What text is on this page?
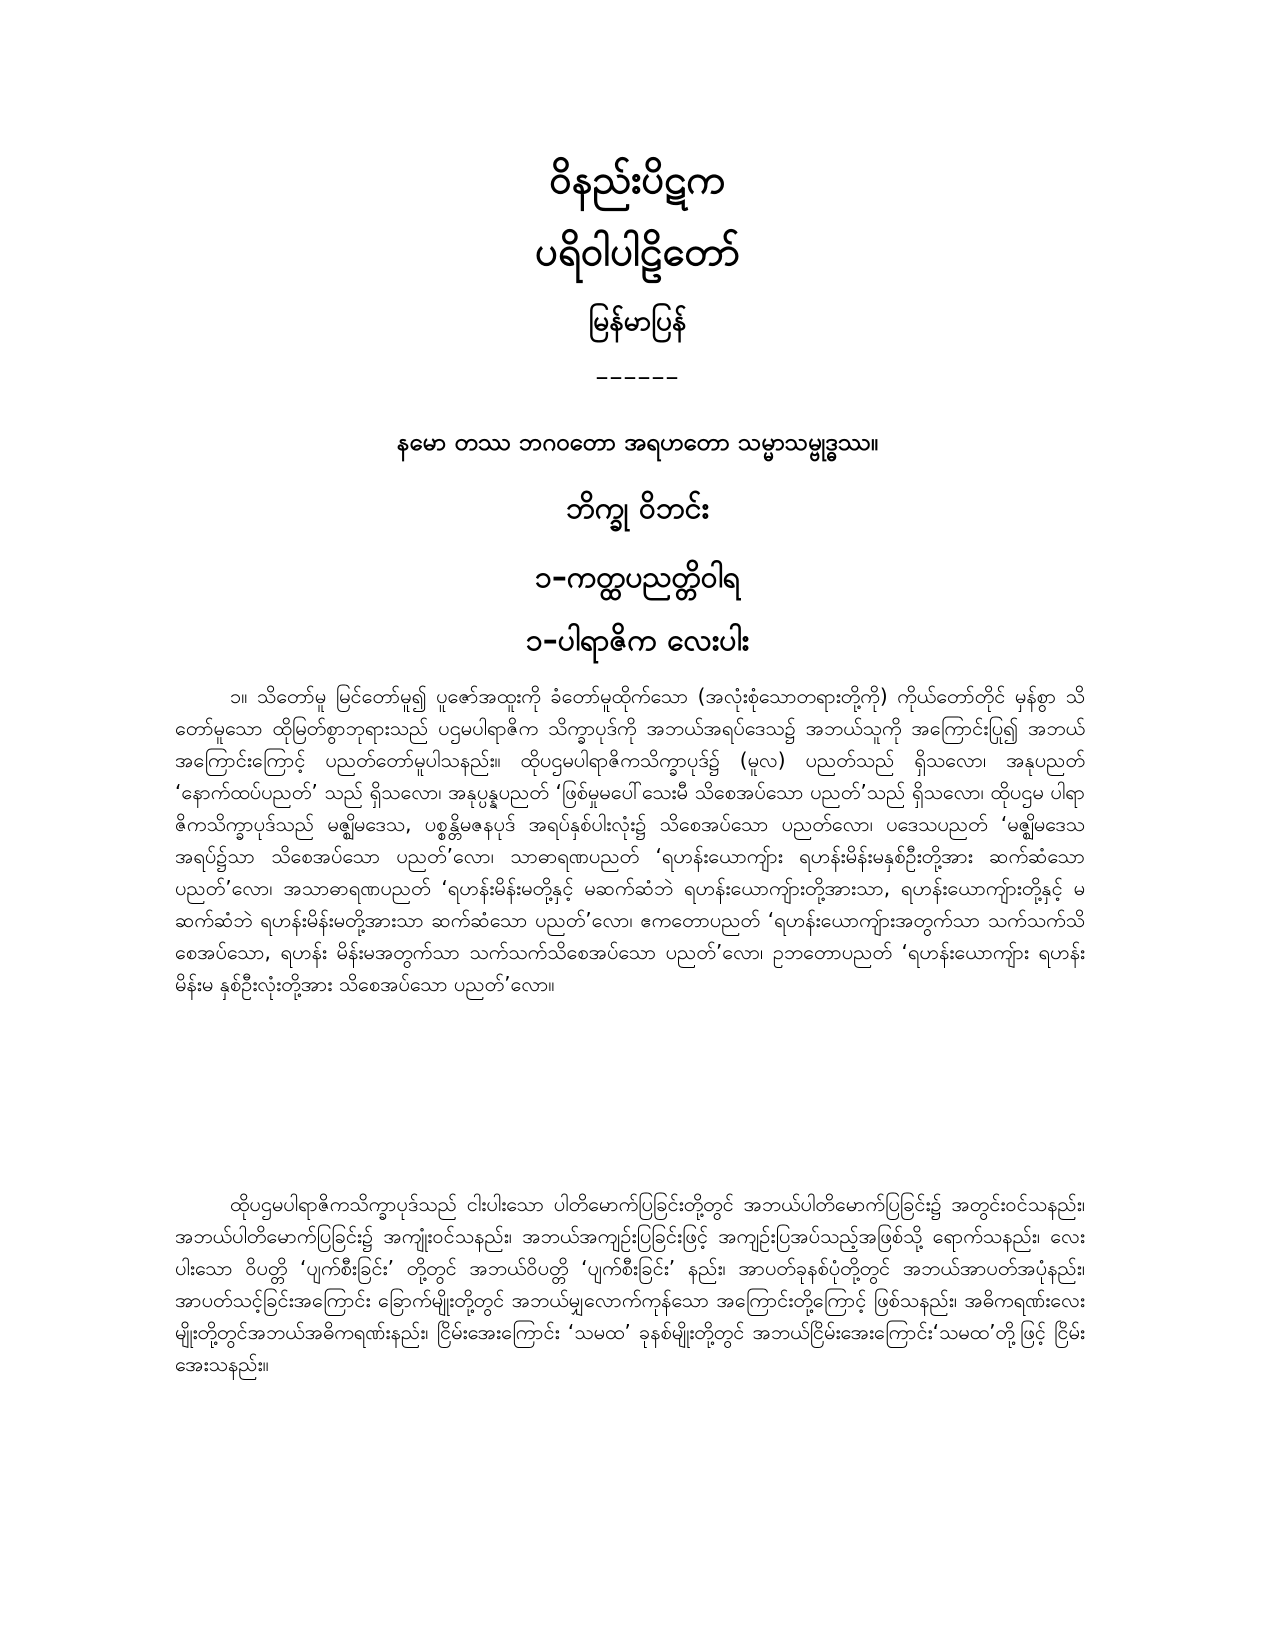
ဝိနည်းပိဋက
ပရိဝါပါဠိတော်
မြန်မာပြန်
––––––
နမော တဿ ဘဂဝတော အရဟတော သမ္မာသမ္ဗုဒ္ဓဿ။
ဘိက္ခု ဝိဘင်း
၁–ကတ္ထပညတ္တိဝါရ
၁–ပါရာဇိက လေးပါး

၁။ သိတော်မူ မြင်တော်မူ၍ ပူဇော်အထူးကို ခံတော်မူထိုက်သော (အလုံးစုံသောတရားတို့ကို) ကိုယ်တော်တိုင် မှန်စွာ သိတော်မူသော ထိုမြတ်စွာဘုရားသည် ပဌမပါရာဇိက သိက္ခာပုဒ်ကို အဘယ်အရပ်ဒေသ၌ အဘယ်သူကို အကြောင်းပြု၍ အဘယ်အကြောင်းကြောင့် ပညတ်တော်မူပါသနည်း။ ထိုပဌမပါရာဇိကသိက္ခာပုဒ်၌ (မူလ) ပညတ်သည် ရှိသလော၊ အနုပညတ် ‘နောက်ထပ်ပညတ်’ သည် ရှိသလော၊ အနုပ္ပန္နပညတ် ‘ဖြစ်မှုမပေါ်သေးမီ သိစေအပ်သော ပညတ်’သည် ရှိသလော၊ ထိုပဌမ ပါရာဇိကသိက္ခာပုဒ်သည် မဇ္ဈိမဒေသ, ပစ္စန္တိမဇနပုဒ် အရပ်နှစ်ပါးလုံး၌ သိစေအပ်သော ပညတ်လော၊ ပဒေသပညတ် ‘မဇ္ဈိမဒေသအရပ်၌သာ သိစေအပ်သော ပညတ်’လော၊ သာဓာရဏပညတ် ‘ရဟန်းယောကျ်ား ရဟန်းမိန်းမနှစ်ဦးတို့အား ဆက်ဆံသော ပညတ်’လော၊ အသာဓာရဏပညတ် ‘ရဟန်းမိန်းမတို့နှင့် မဆက်ဆံဘဲ ရဟန်းယောကျ်ားတို့အားသာ, ရဟန်းယောကျ်ားတို့နှင့် မဆက်ဆံဘဲ ရဟန်းမိန်းမတို့အားသာ ဆက်ဆံသော ပညတ်’လော၊ ဧကတောပညတ် ‘ရဟန်းယောကျ်ားအတွက်သာ သက်သက်သိစေအပ်သော, ရဟန်း မိန်းမအတွက်သာ သက်သက်သိစေအပ်သော ပညတ်’လော၊ ဥဘတောပညတ် ‘ရဟန်းယောကျ်ား ရဟန်းမိန်းမ နှစ်ဦးလုံးတို့အား သိစေအပ်သော ပညတ်’လော။

ထိုပဌမပါရာဇိကသိက္ခာပုဒ်သည် ငါးပါးသော ပါတိမောက်ပြခြင်းတို့တွင် အဘယ်ပါတိမောက်ပြခြင်း၌ အတွင်းဝင်သနည်း၊ အဘယ်ပါတိမောက်ပြခြင်း၌ အကျုံးဝင်သနည်း၊ အဘယ်အကျဉ်းပြခြင်းဖြင့် အကျဉ်းပြအပ်သည့်အဖြစ်သို့ ရောက်သနည်း၊ လေးပါးသော ဝိပတ္တိ ‘ပျက်စီးခြင်း’ တို့တွင် အဘယ်ဝိပတ္တိ ‘ပျက်စီးခြင်း’ နည်း၊ အာပတ်ခုနစ်ပုံတို့တွင် အဘယ်အာပတ်အပုံနည်း၊ အာပတ်သင့်ခြင်းအကြောင်း ခြောက်မျိုးတို့တွင် အဘယ်မျှလောက်ကုန်သော အကြောင်းတို့ကြောင့် ဖြစ်သနည်း၊ အဓိကရဏ်းလေးမျိုးတို့တွင်အဘယ်အဓိကရဏ်းနည်း၊ ငြိမ်းအေးကြောင်း ‘သမထ’ ခုနစ်မျိုးတို့တွင် အဘယ်ငြိမ်းအေးကြောင်း‘သမထ’တို့ဖြင့် ငြိမ်းအေးသနည်း။
